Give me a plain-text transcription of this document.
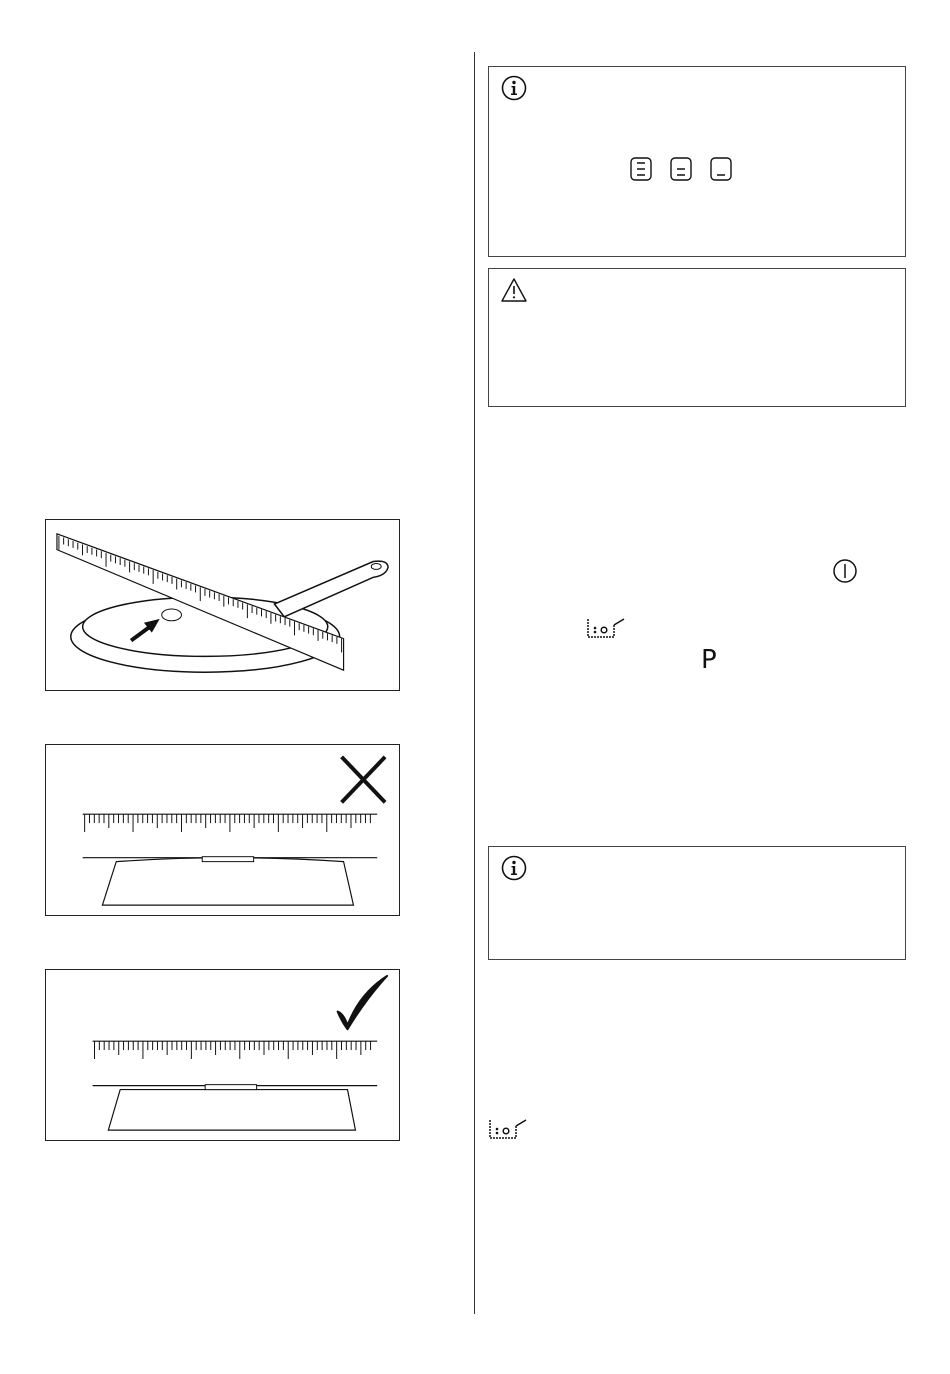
P
